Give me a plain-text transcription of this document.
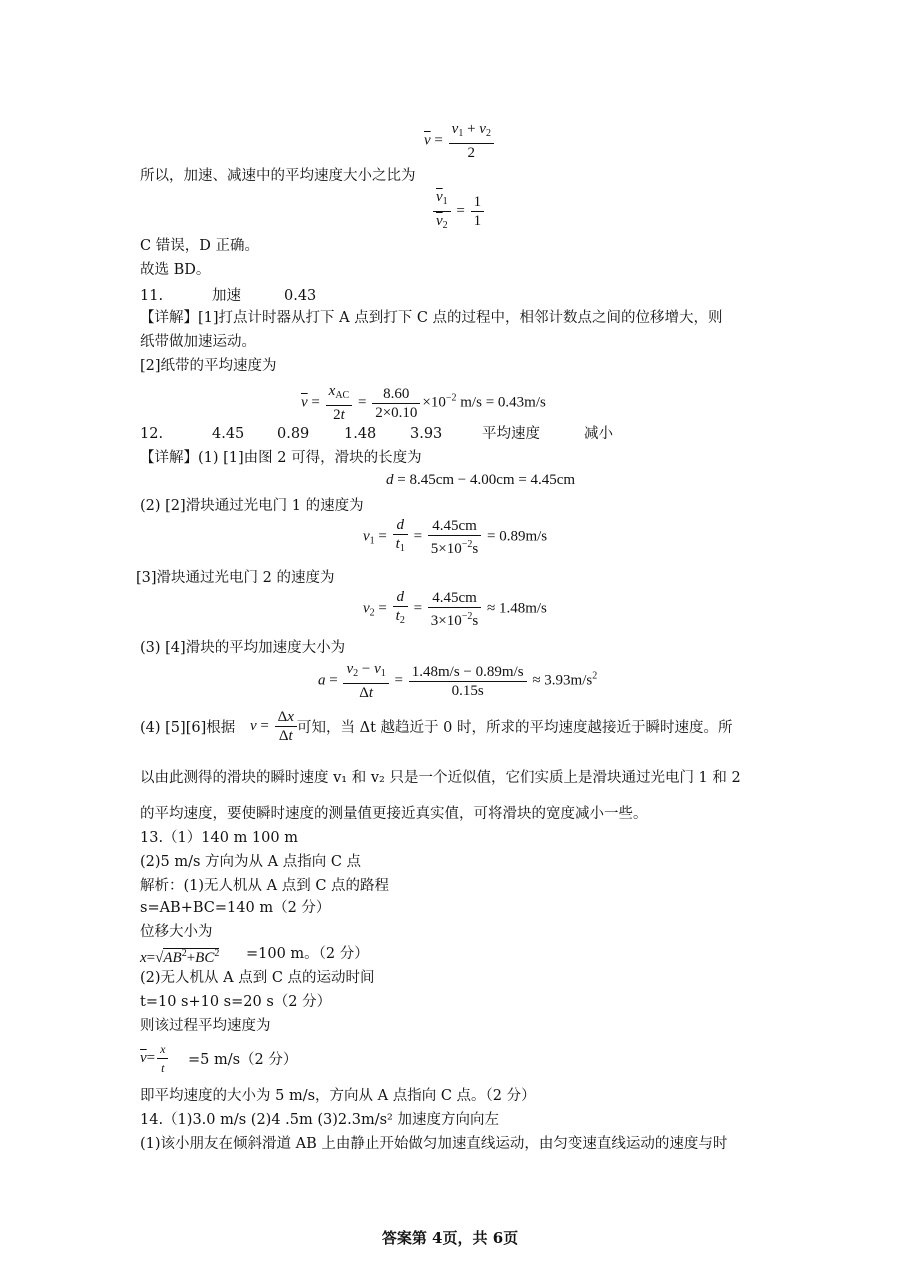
$\overline{v} = \frac{v_1 + v_2}{2}$
所以，加速、减速中的平均速度大小之比为
$\frac{\overline{v}_1}{\overline{v}_2} = \frac{1}{1}$
C 错误，D 正确。
故选 BD。
11.	加速	0.43
【详解】[1]打点计时器从打下 A 点到打下 C 点的过程中，相邻计数点之间的位移增大，则
纸带做加速运动。
[2]纸带的平均速度为
$\overline{v} = \frac{x_{AC}}{2t} = \frac{8.60}{2\times 0.10} \times 10^{-2}$ m/s = 0.43m/s
12.	4.45 0.89 1.48 3.93	平均速度	减小
【详解】(1) [1]由图 2 可得，滑块的长度为
d = 8.45cm − 4.00cm = 4.45cm
(2) [2]滑块通过光电门 1 的速度为
$v_1 = \frac{d}{t_1} = \frac{4.45cm}{5\times 10^{-2}s} = 0.89m/s$
[3]滑块通过光电门 2 的速度为
$v_2 = \frac{d}{t_2} = \frac{4.45cm}{3\times 10^{-2}s} \approx 1.48m/s$
(3) [4]滑块的平均加速度大小为
$a = \frac{v_2 - v_1}{\Delta t} = \frac{1.48m/s - 0.89m/s}{0.15s} \approx 3.93m/s^2$
(4) [5][6]根据 $v = \frac{\Delta x}{\Delta t}$ 可知，当 Δt 越趋近于 0 时，所求的平均速度越接近于瞬时速度。所
以由此测得的滑块的瞬时速度 v₁ 和 v₂ 只是一个近似值，它们实质上是滑块通过光电门 1 和 2
的平均速度，要使瞬时速度的测量值更接近真实值，可将滑块的宽度减小一些。
13.（1）140 m 100 m
(2)5 m/s 方向为从 A 点指向 C 点
解析：(1)无人机从 A 点到 C 点的路程
s=AB+BC=140 m（2 分）
位移大小为
$x=√AB^2+BC^2 =100$ m。（2 分）
(2)无人机从 A 点到 C 点的运动时间
t=10 s+10 s=20 s（2 分）
则该过程平均速度为
$\overline{v}= \frac{x}{t} =5$ m/s（2 分）
即平均速度的大小为 5 m/s，方向从 A 点指向 C 点。（2 分）
14.（1)3.0 m/s (2)4 .5m (3)2.3m/s² 加速度方向向左
(1)该小朋友在倾斜滑道 AB 上由静止开始做匀加速直线运动，由匀变速直线运动的速度与时
答案第 4页，共 6页
